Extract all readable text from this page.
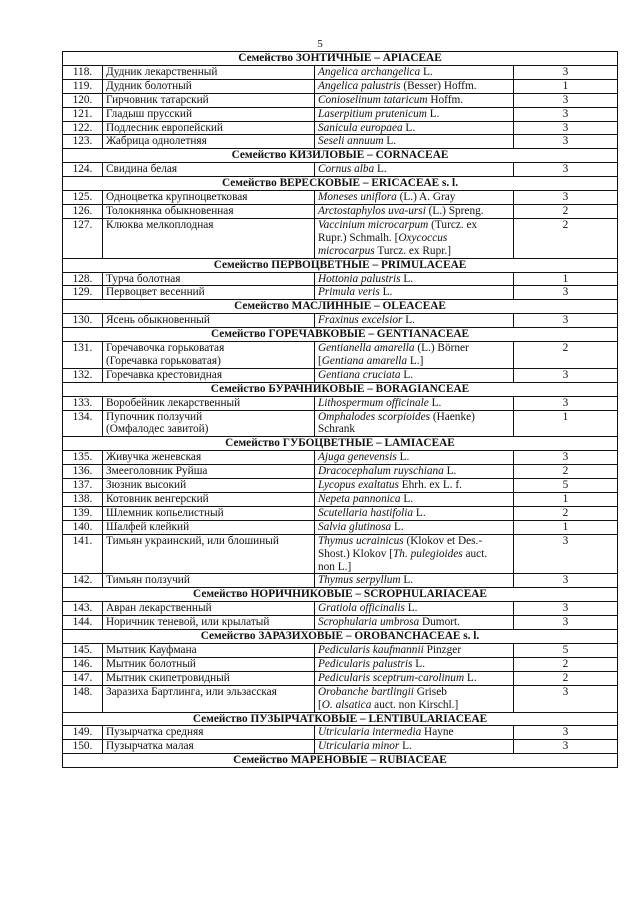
5
Семейство ЗОНТИЧНЫЕ – APIACEAE			
118.	Дудник лекарственный	Angelica archangelica L.	3
119.	Дудник болотный	Angelica palustris (Besser) Hoffm.	1
120.	Гирчовник татарский	Conioselinum tataricum Hoffm.	3
121.	Гладыш прусский	Laserpitium prutenicum L.	3
122.	Подлесник европейский	Sanicula europaea L.	3
123.	Жабрица однолетняя	Seseli annuum L.	3
Семейство КИЗИЛОВЫЕ – CORNACEAE			
124.	Свидина белая	Cornus alba L.	3
Семейство ВЕРЕСКОВЫЕ – ERICACEAE s. l.			
125.	Одноцветка крупноцветковая	Moneses uniflora (L.) A. Gray	3
126.	Толокнянка обыкновенная	Arctostaphylos uva-ursi (L.) Spreng.	2
127.	Клюква мелкоплодная	Vaccinium microcarpum (Turcz. ex
Rupr.) Schmalh. [Oxycoccus
microcarpus Turcz. ex Rupr.]	2
Семейство ПЕРВОЦВЕТНЫЕ – PRIMULACEAE			
128.	Турча болотная	Hottonia palustris L.	1
129.	Первоцвет весенний	Primula veris L.	3
Семейство МАСЛИННЫЕ – OLEACEAE			
130.	Ясень обыкновенный	Fraxinus excelsior L.	3
Семейство ГОРЕЧАВКОВЫЕ – GENTIANACEAE			
131.	Горечавочка горьковатая
(Горечавка горьковатая)	Gentianella amarella (L.) Börner
[Gentiana amarella L.]	2
132.	Горечавка крестовидная	Gentiana cruciata L.	3
Семейство БУРАЧНИКОВЫЕ – BORAGIANCEAE			
133.	Воробейник лекарственный	Lithospermum officinale L.	3
134.	Пупочник ползучий
(Омфалодес завитой)	Omphalodes scorpioides (Haenke)
Schrank	1
Семейство ГУБОЦВЕТНЫЕ – LAMIACEAE			
135.	Живучка женевская	Ajuga genevensis L.	3
136.	Змееголовник Руйша	Dracocephalum ruyschiana L.	2
137.	Зюзник высокий	Lycopus exaltatus Ehrh. ex L. f.	5
138.	Котовник венгерский	Nepeta pannonica L.	1
139.	Шлемник копьелистный	Scutellaria hastifolia L.	2
140.	Шалфей клейкий	Salvia glutinosa L.	1
141.	Тимьян украинский, или блошиный	Thymus ucrainicus (Klokov et Des.-
Shost.) Klokov [Th. pulegioides auct.
non L.]	3
142.	Тимьян ползучий	Thymus serpyllum L.	3
Семейство НОРИЧНИКОВЫЕ – SCROPHULARIACEAE			
143.	Авран лекарственный	Gratiola officinalis L.	3
144.	Норичник теневой, или крылатый	Scrophularia umbrosa Dumort.	3
Семейство ЗАРАЗИХОВЫЕ – OROBANCHACEAE s. l.			
145.	Мытник Кауфмана	Pedicularis kaufmannii Pinzger	5
146.	Мытник болотный	Pedicularis palustris L.	2
147.	Мытник скипетровидный	Pedicularis sceptrum-carolinum L.	2
148.	Заразиха Бартлинга, или эльзасская	Orobanche bartlingii Griseb
[O. alsatica auct. non Kirschl.]	3
Семейство ПУЗЫРЧАТКОВЫЕ – LENTIBULARIACEAE			
149.	Пузырчатка средняя	Utricularia intermedia Hayne	3
150.	Пузырчатка малая	Utricularia minor L.	3
Семейство МАРЕНОВЫЕ – RUBIACEAE			
